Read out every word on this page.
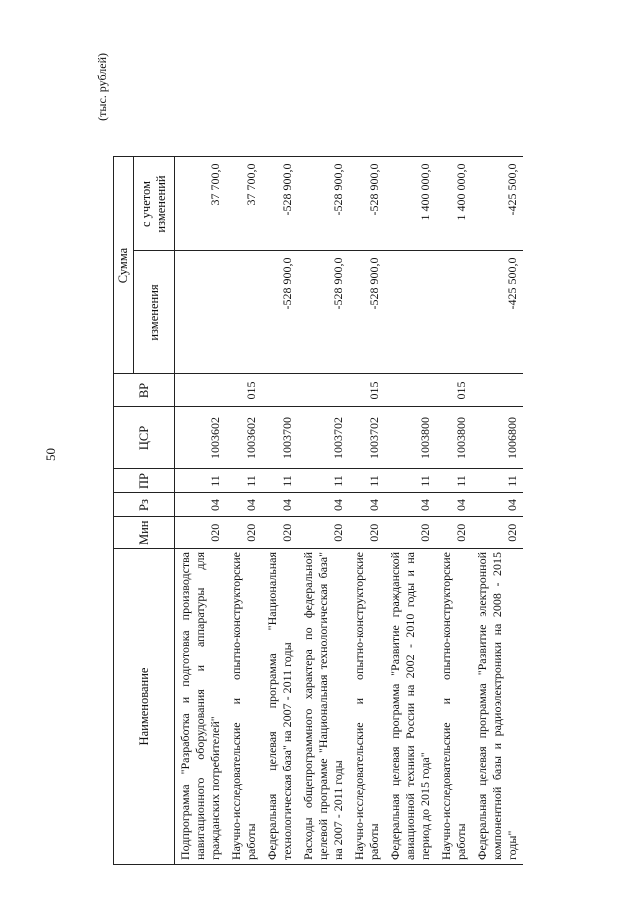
50
(тыс. рублей)
Наименование	Мин	Рз	ПР	ЦСР	ВР	Сумма	
						изменения	с учетом изменений
Подпрограмма "Разработка и подготовка производства навигационного оборудования и аппаратуры для гражданских потребителей"	020	04	11	1003602			37 700,0
Научно-исследовательские и опытно-конструкторские работы	020	04	11	1003602	015		37 700,0
Федеральная целевая программа "Национальная технологическая база" на 2007 - 2011 годы	020	04	11	1003700		-528 900,0	-528 900,0
Расходы общепрограммного характера по федеральной целевой программе "Национальная технологическая база" на 2007 - 2011 годы	020	04	11	1003702		-528 900,0	-528 900,0
Научно-исследовательские и опытно-конструкторские работы	020	04	11	1003702	015	-528 900,0	-528 900,0
Федеральная целевая программа "Развитие гражданской авиационной техники России на 2002 - 2010 годы и на период до 2015 года"	020	04	11	1003800			1 400 000,0
Научно-исследовательские и опытно-конструкторские работы	020	04	11	1003800	015		1 400 000,0
Федеральная целевая программа "Развитие электронной компонентной базы и радиоэлектроники на 2008 - 2015 годы"	020	04	11	1006800		-425 500,0	-425 500,0
